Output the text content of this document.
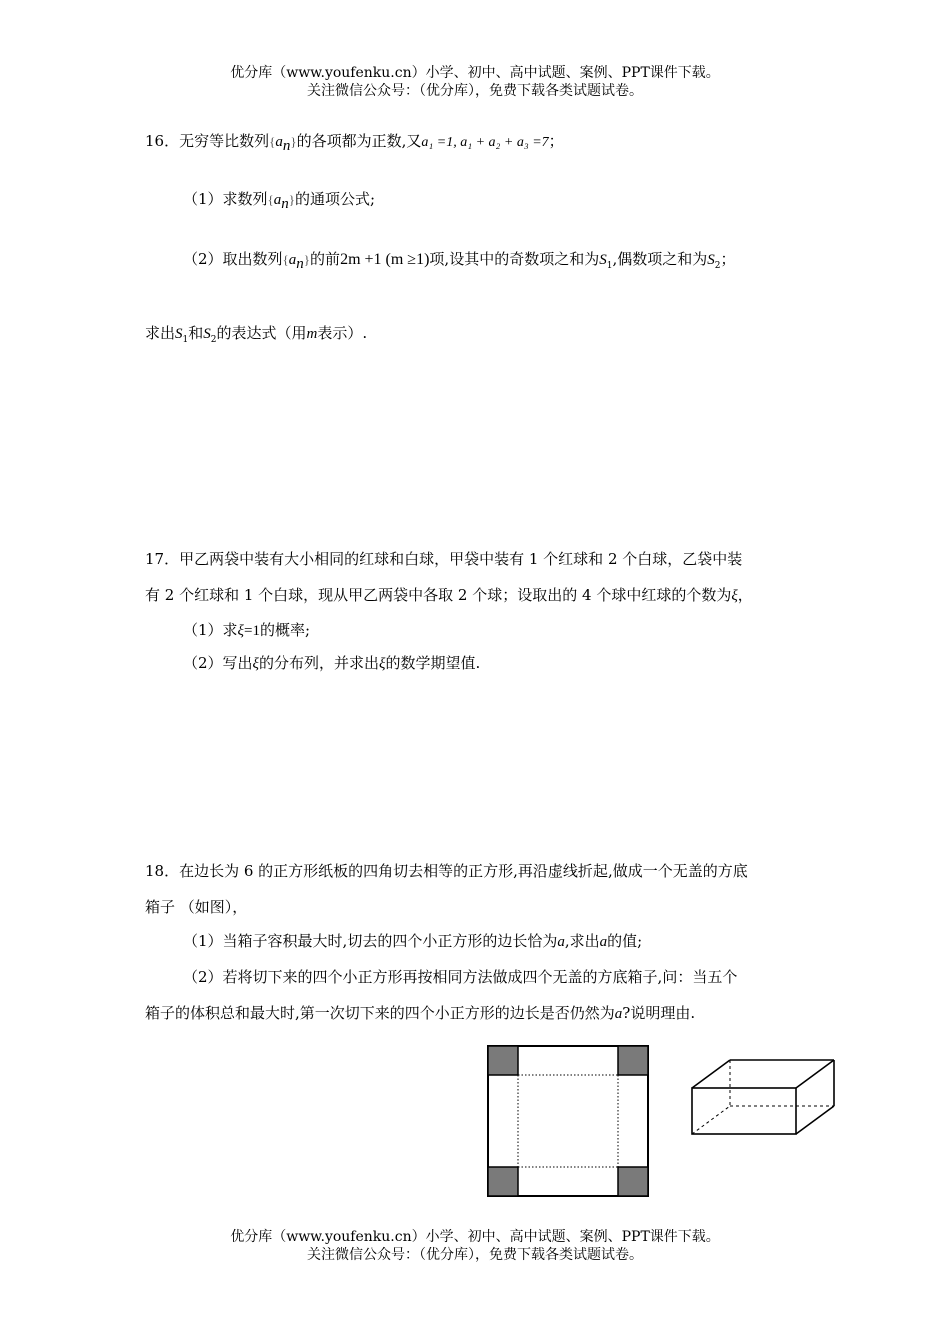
优分库（www.youfenku.cn）小学、初中、高中试题、案例、PPT课件下载。
关注微信公众号：（优分库），免费下载各类试题试卷。
16．无穷等比数列$\{a_n\}$的各项都为正数,又a₁ =1, a₁ + a₂ + a₃ =7；
（1）求数列$\{a_n\}$的通项公式;
（2）取出数列$\{a_n\}$的前2m +1 (m ≥1)项,设其中的奇数项之和为$S_1$,偶数项之和为$S_2$；
求出$S_1$和$S_2$的表达式（用m表示）.
17．甲乙两袋中装有大小相同的红球和白球，甲袋中装有 1 个红球和 2 个白球，乙袋中装
有 2 个红球和 1 个白球，现从甲乙两袋中各取 2 个球；设取出的 4 个球中红球的个数为ξ，
（1）求ξ=1的概率;
（2）写出ξ的分布列，并求出ξ的数学期望值.
18．在边长为 6 的正方形纸板的四角切去相等的正方形,再沿虚线折起,做成一个无盖的方底
箱子 （如图），
（1）当箱子容积最大时,切去的四个小正方形的边长恰为a,求出a的值;
（2）若将切下来的四个小正方形再按相同方法做成四个无盖的方底箱子,问：当五个
箱子的体积总和最大时,第一次切下来的四个小正方形的边长是否仍然为a?说明理由.
优分库（www.youfenku.cn）小学、初中、高中试题、案例、PPT课件下载。
关注微信公众号：（优分库），免费下载各类试题试卷。
